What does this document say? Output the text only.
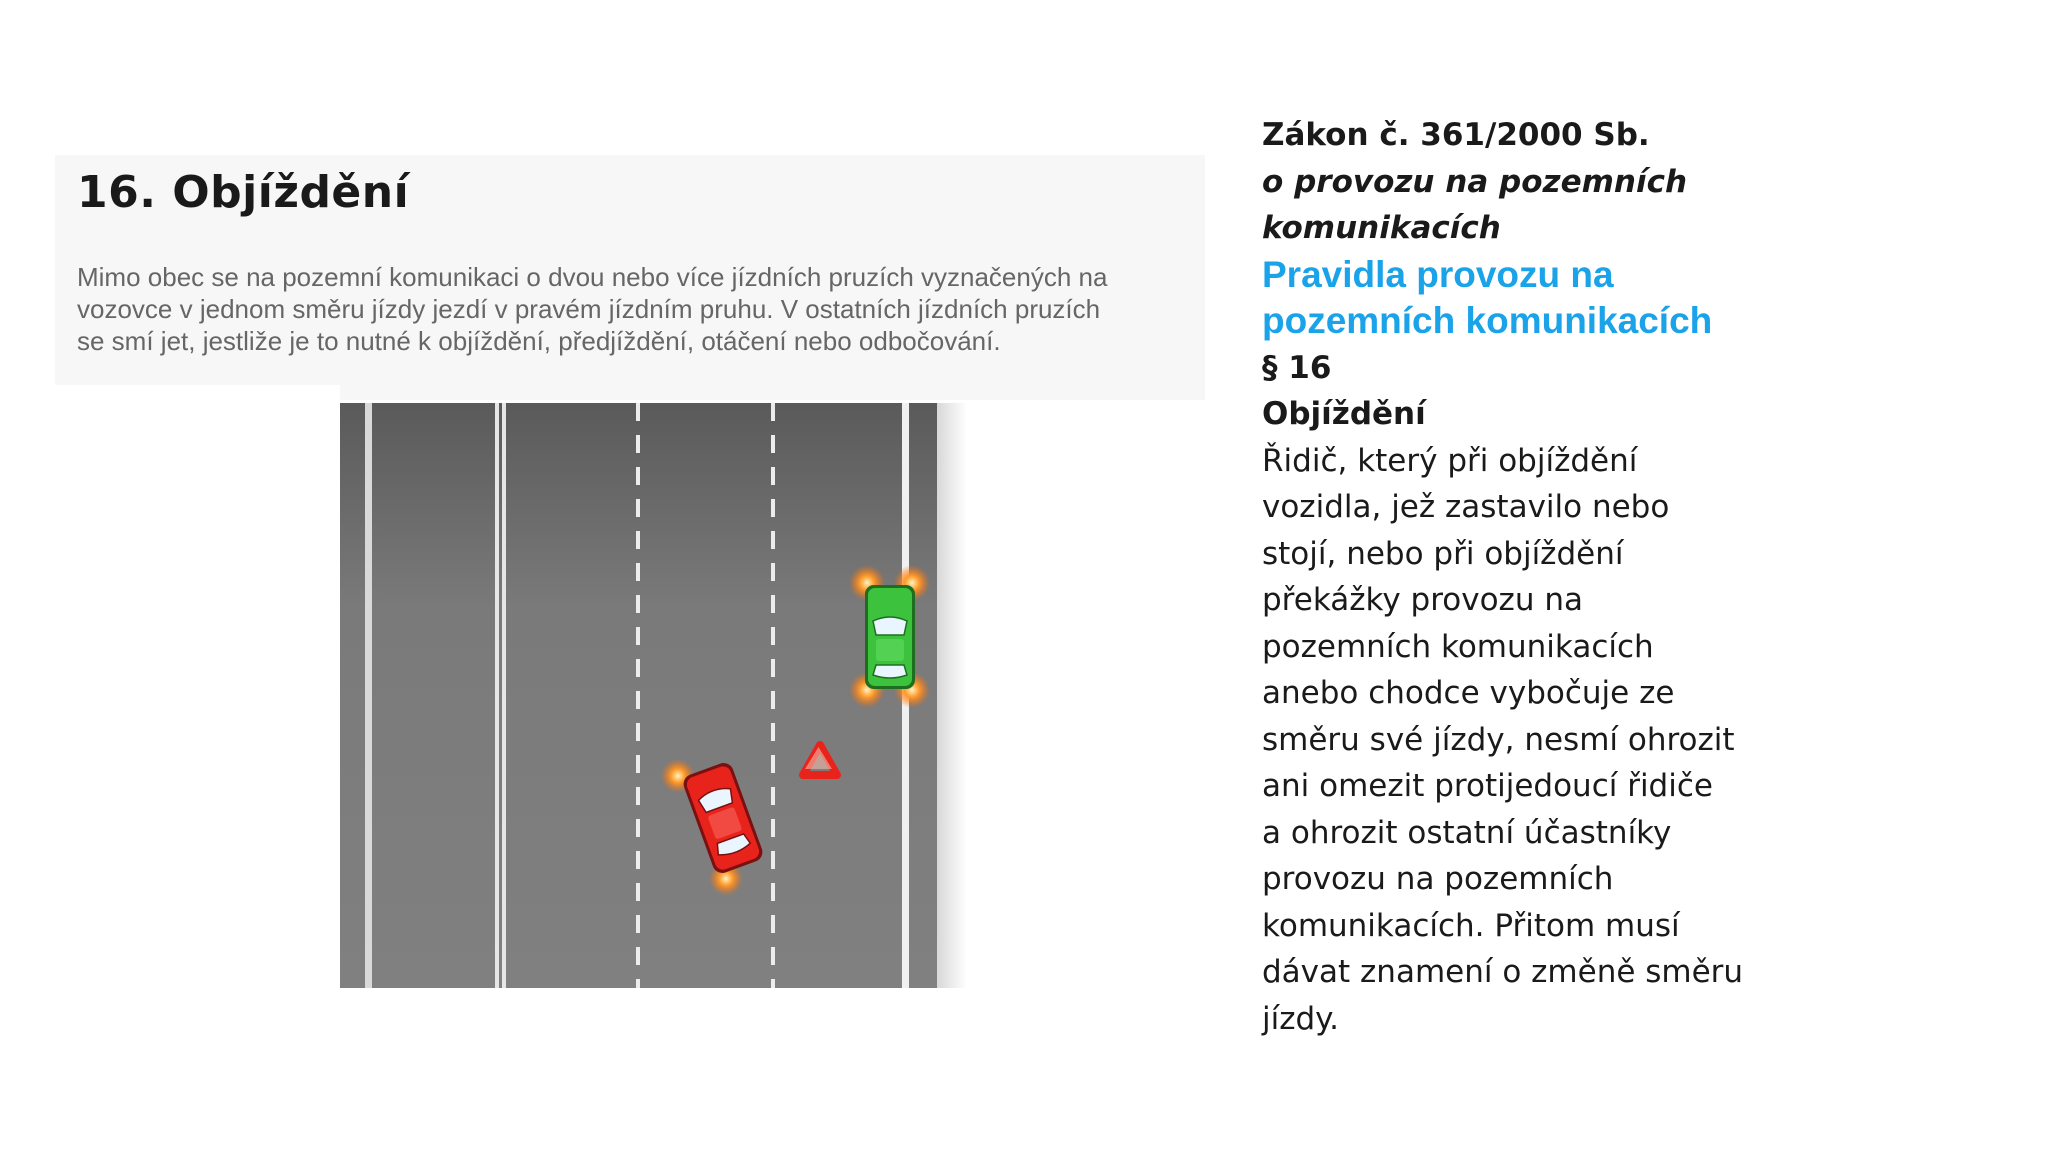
16. Objíždění

Mimo obec se na pozemní komunikaci o dvou nebo více jízdních pruzích vyznačených na
vozovce v jednom směru jízdy jezdí v pravém jízdním pruhu. V ostatních jízdních pruzích
se smí jet, jestliže je to nutné k objíždění, předjíždění, otáčení nebo odbočování.

Zákon č. 361/2000 Sb.
o provozu na pozemních
komunikacích
Pravidla provozu na
pozemních komunikacích
§ 16
Objíždění
Řidič, který při objíždění
vozidla, jež zastavilo nebo
stojí, nebo při objíždění
překážky provozu na
pozemních komunikacích
anebo chodce vybočuje ze
směru své jízdy, nesmí ohrozit
ani omezit protijedoucí řidiče
a ohrozit ostatní účastníky
provozu na pozemních
komunikacích. Přitom musí
dávat znamení o změně směru
jízdy.
